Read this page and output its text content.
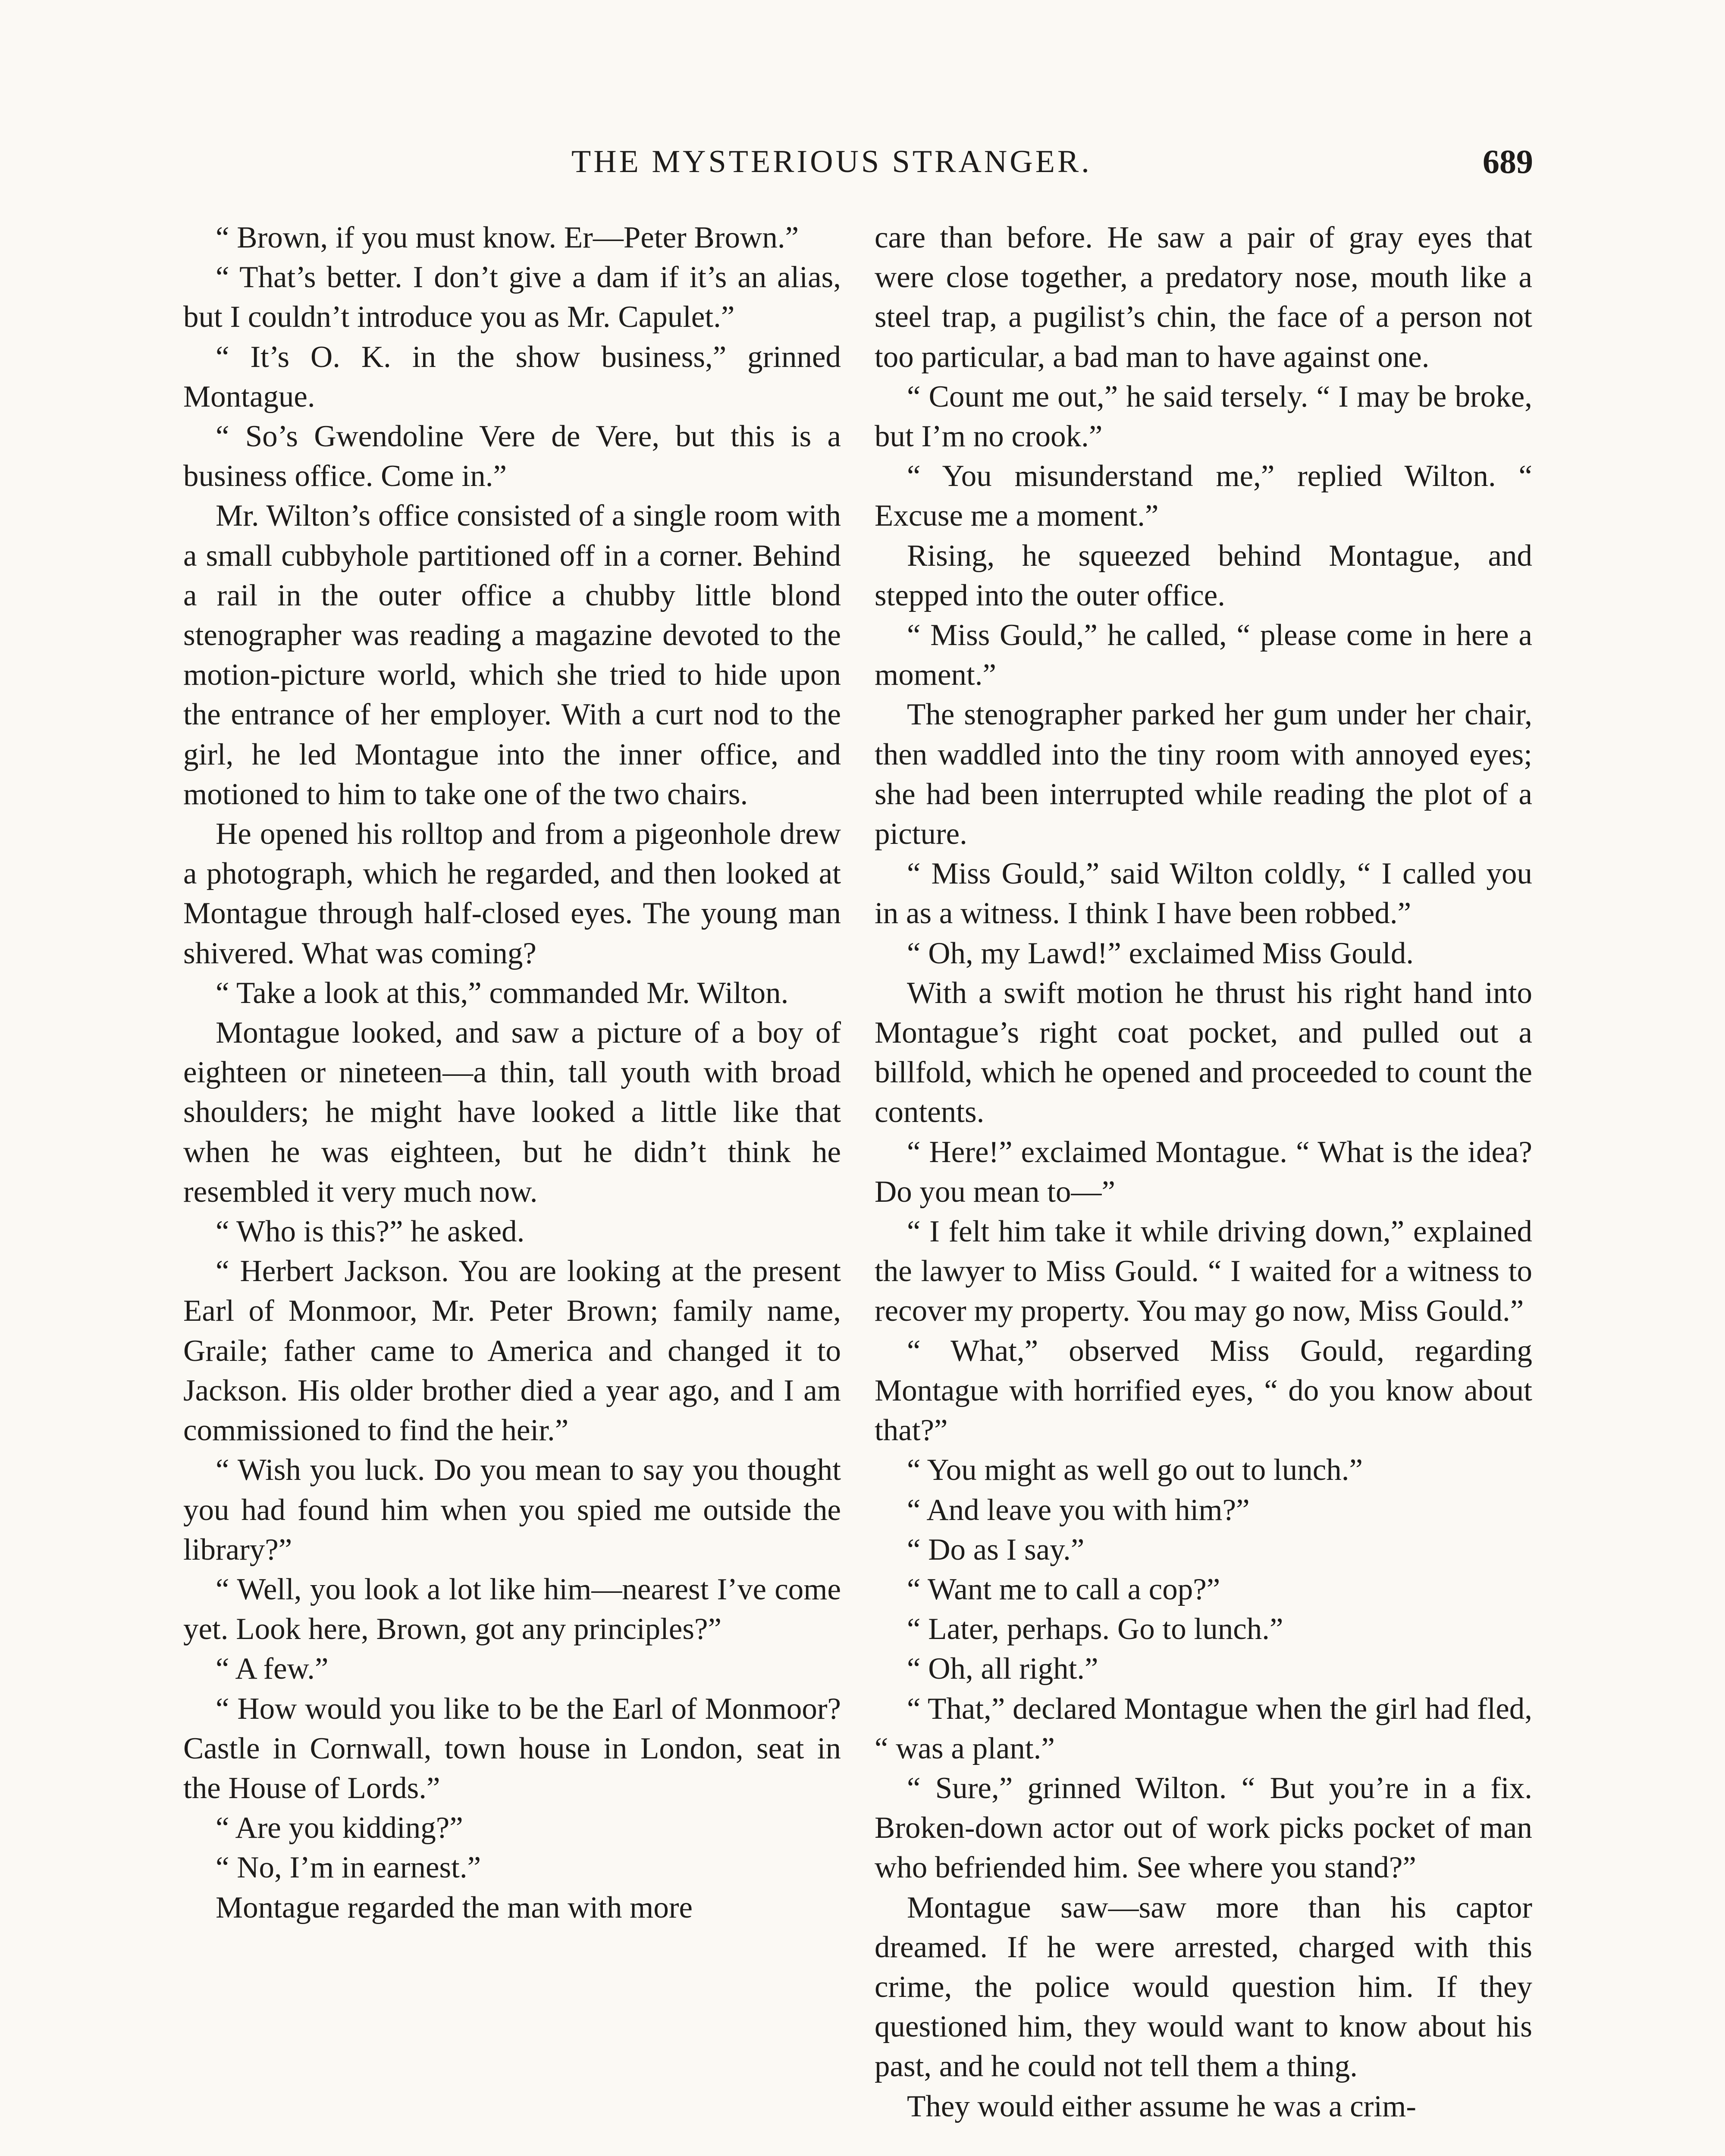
THE MYSTERIOUS STRANGER.	689

“ Brown, if you must know. Er—Peter Brown.”

“ That’s better. I don’t give a dam if it’s an alias, but I couldn’t introduce you as Mr. Capulet.”

“ It’s O. K. in the show business,” grinned Montague.

“ So’s Gwendoline Vere de Vere, but this is a business office. Come in.”

Mr. Wilton’s office consisted of a single room with a small cubbyhole partitioned off in a corner. Behind a rail in the outer office a chubby little blond stenographer was reading a magazine devoted to the motion-picture world, which she tried to hide upon the entrance of her employer. With a curt nod to the girl, he led Montague into the inner office, and motioned to him to take one of the two chairs.

He opened his rolltop and from a pigeonhole drew a photograph, which he regarded, and then looked at Montague through half-closed eyes. The young man shivered. What was coming?

“ Take a look at this,” commanded Mr. Wilton.

Montague looked, and saw a picture of a boy of eighteen or nineteen—a thin, tall youth with broad shoulders; he might have looked a little like that when he was eighteen, but he didn’t think he resembled it very much now.

“ Who is this?” he asked.

“ Herbert Jackson. You are looking at the present Earl of Monmoor, Mr. Peter Brown; family name, Graile; father came to America and changed it to Jackson. His older brother died a year ago, and I am commissioned to find the heir.”

“ Wish you luck. Do you mean to say you thought you had found him when you spied me outside the library?”

“ Well, you look a lot like him—nearest I’ve come yet. Look here, Brown, got any principles?”

“ A few.”

“ How would you like to be the Earl of Monmoor? Castle in Cornwall, town house in London, seat in the House of Lords.”

“ Are you kidding?”

“ No, I’m in earnest.”

Montague regarded the man with more

care than before. He saw a pair of gray eyes that were close together, a predatory nose, mouth like a steel trap, a pugilist’s chin, the face of a person not too particular, a bad man to have against one.

“ Count me out,” he said tersely. “ I may be broke, but I’m no crook.”

“ You misunderstand me,” replied Wilton. “ Excuse me a moment.”

Rising, he squeezed behind Montague, and stepped into the outer office.

“ Miss Gould,” he called, “ please come in here a moment.”

The stenographer parked her gum under her chair, then waddled into the tiny room with annoyed eyes; she had been interrupted while reading the plot of a picture.

“ Miss Gould,” said Wilton coldly, “ I called you in as a witness. I think I have been robbed.”

“ Oh, my Lawd!” exclaimed Miss Gould.

With a swift motion he thrust his right hand into Montague’s right coat pocket, and pulled out a billfold, which he opened and proceeded to count the contents.

“ Here!” exclaimed Montague. “ What is the idea? Do you mean to—”

“ I felt him take it while driving down,” explained the lawyer to Miss Gould. “ I waited for a witness to recover my property. You may go now, Miss Gould.”

“ What,” observed Miss Gould, regarding Montague with horrified eyes, “ do you know about that?”

“ You might as well go out to lunch.”

“ And leave you with him?”

“ Do as I say.”

“ Want me to call a cop?”

“ Later, perhaps. Go to lunch.”

“ Oh, all right.”

“ That,” declared Montague when the girl had fled, “ was a plant.”

“ Sure,” grinned Wilton. “ But you’re in a fix. Broken-down actor out of work picks pocket of man who befriended him. See where you stand?”

Montague saw—saw more than his captor dreamed. If he were arrested, charged with this crime, the police would question him. If they questioned him, they would want to know about his past, and he could not tell them a thing.

They would either assume he was a crim-
